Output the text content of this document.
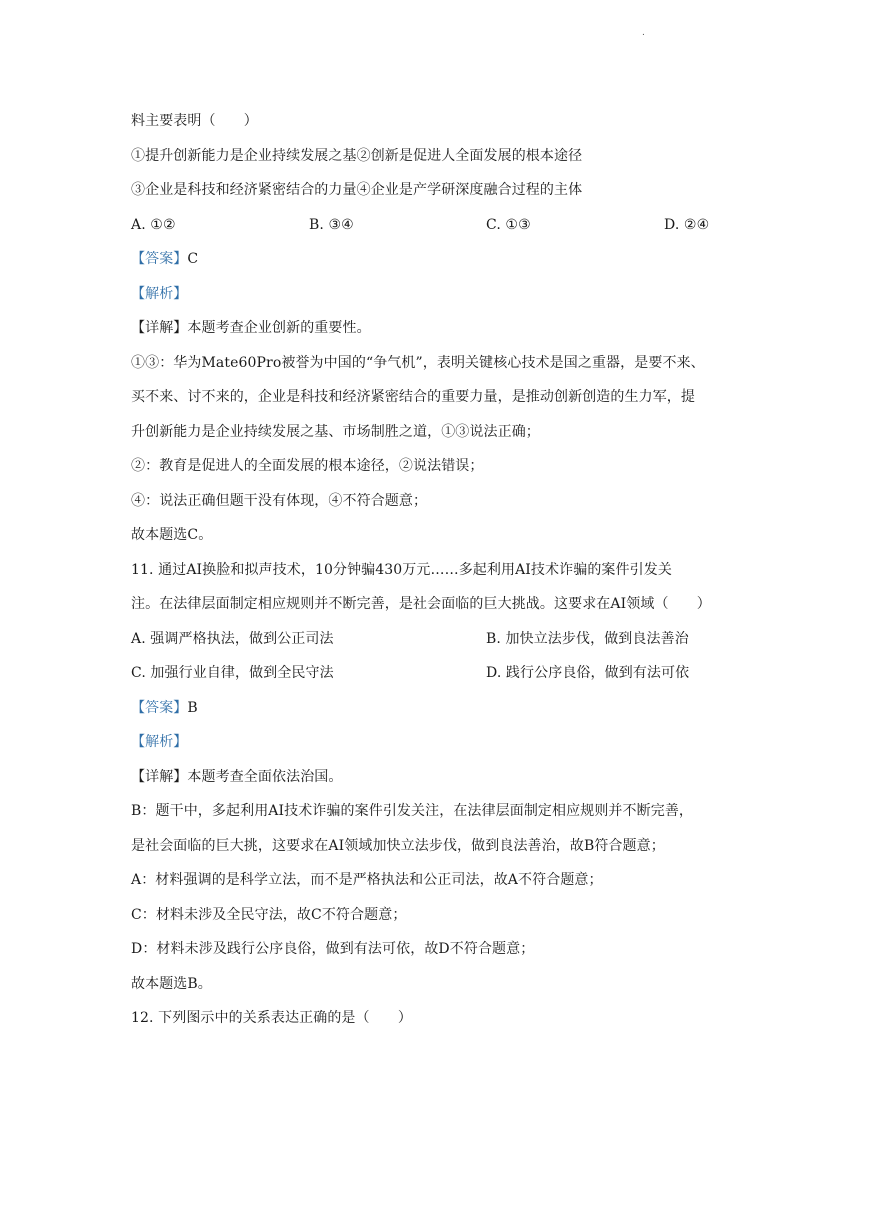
.
料主要表明（　　）
①提升创新能力是企业持续发展之基②创新是促进人全面发展的根本途径
③企业是科技和经济紧密结合的力量④企业是产学研深度融合过程的主体
A. ①②	B. ③④	C. ①③	D. ②④
【答案】C
【解析】
【详解】本题考查企业创新的重要性。
①③：华为Mate60Pro被誉为中国的“争气机”，表明关键核心技术是国之重器，是要不来、
买不来、讨不来的，企业是科技和经济紧密结合的重要力量，是推动创新创造的生力军，提
升创新能力是企业持续发展之基、市场制胜之道，①③说法正确；
②：教育是促进人的全面发展的根本途径，②说法错误；
④：说法正确但题干没有体现，④不符合题意；
故本题选C。
11. 通过AI换脸和拟声技术，10分钟骗430万元……多起利用AI技术诈骗的案件引发关
注。在法律层面制定相应规则并不断完善，是社会面临的巨大挑战。这要求在AI领域（　　）
A. 强调严格执法，做到公正司法	B. 加快立法步伐，做到良法善治
C. 加强行业自律，做到全民守法	D. 践行公序良俗，做到有法可依
【答案】B
【解析】
【详解】本题考查全面依法治国。
B：题干中，多起利用AI技术诈骗的案件引发关注，在法律层面制定相应规则并不断完善，
是社会面临的巨大挑，这要求在AI领域加快立法步伐，做到良法善治，故B符合题意；
A：材料强调的是科学立法，而不是严格执法和公正司法，故A不符合题意；
C：材料未涉及全民守法，故C不符合题意；
D：材料未涉及践行公序良俗，做到有法可依，故D不符合题意；
故本题选B。
12. 下列图示中的关系表达正确的是（　　）
